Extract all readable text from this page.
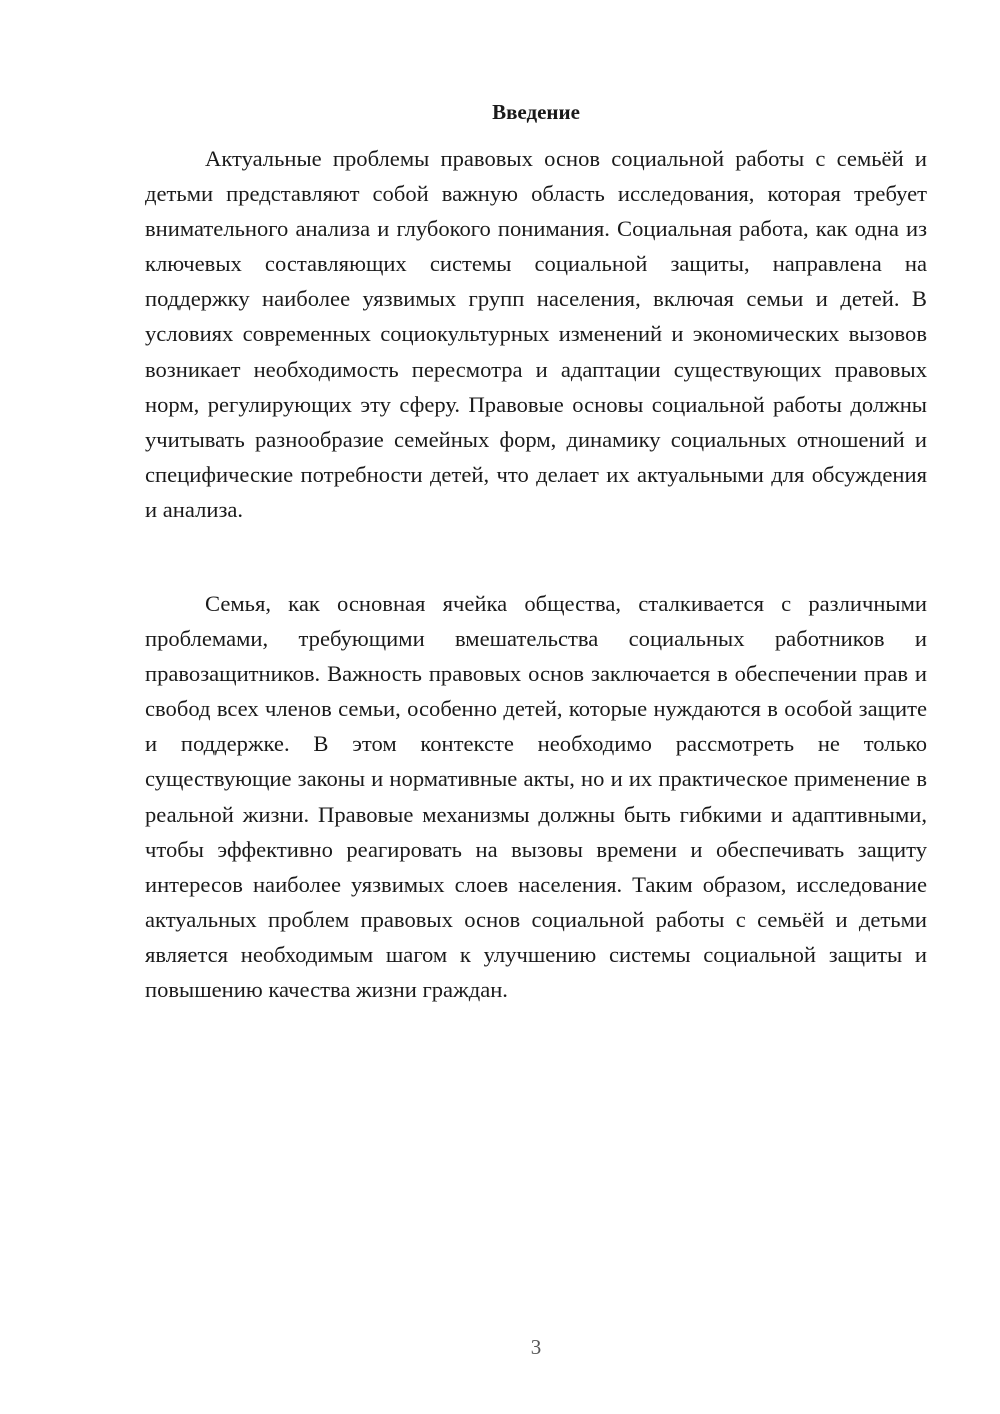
Введение

Актуальные проблемы правовых основ социальной работы с семьёй и детьми представляют собой важную область исследования, которая требует внимательного анализа и глубокого понимания. Социальная работа, как одна из ключевых составляющих системы социальной защиты, направлена на поддержку наиболее уязвимых групп населения, включая семьи и детей. В условиях современных социокультурных изменений и экономических вызовов возникает необходимость пересмотра и адаптации существующих правовых норм, регулирующих эту сферу. Правовые основы социальной работы должны учитывать разнообразие семейных форм, динамику социальных отношений и специфические потребности детей, что делает их актуальными для обсуждения и анализа.

Семья, как основная ячейка общества, сталкивается с различными проблемами, требующими вмешательства социальных работников и правозащитников. Важность правовых основ заключается в обеспечении прав и свобод всех членов семьи, особенно детей, которые нуждаются в особой защите и поддержке. В этом контексте необходимо рассмотреть не только существующие законы и нормативные акты, но и их практическое применение в реальной жизни. Правовые механизмы должны быть гибкими и адаптивными, чтобы эффективно реагировать на вызовы времени и обеспечивать защиту интересов наиболее уязвимых слоев населения. Таким образом, исследование актуальных проблем правовых основ социальной работы с семьёй и детьми является необходимым шагом к улучшению системы социальной защиты и повышению качества жизни граждан.

3
